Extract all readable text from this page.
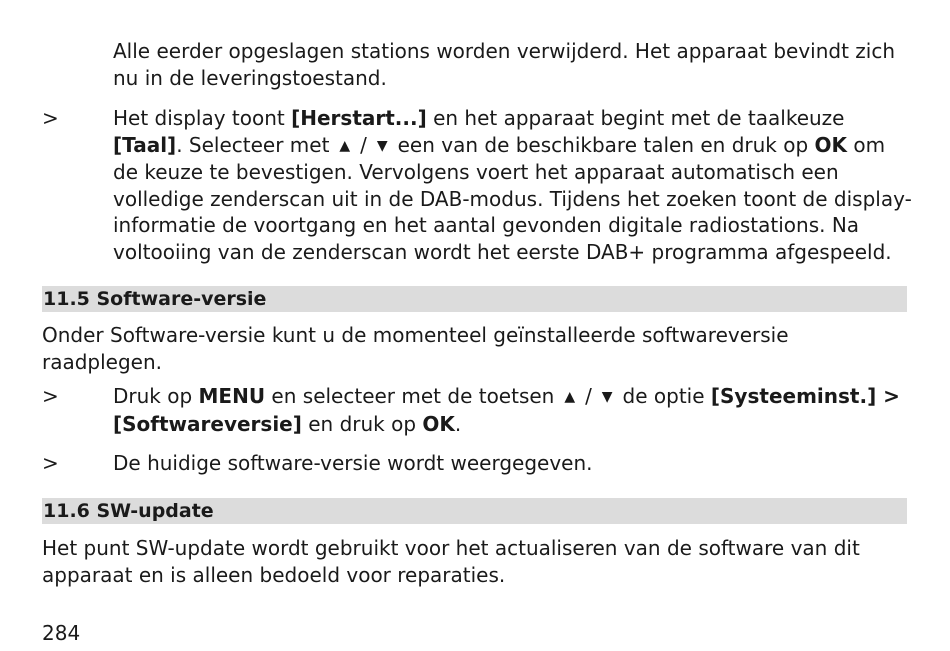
Alle eerder opgeslagen stations worden verwijderd. Het apparaat bevindt zich nu in de leveringstoestand.

>	Het display toont [Herstart...] en het apparaat begint met de taalkeuze [Taal]. Selecteer met ▲ / ▼ een van de beschikbare talen en druk op OK om de keuze te bevestigen. Vervolgens voert het apparaat automatisch een volledige zenderscan uit in de DAB-modus. Tijdens het zoeken toont de display-informatie de voortgang en het aantal gevonden digitale radiostations. Na voltooiing van de zenderscan wordt het eerste DAB+ programma afgespeeld.

11.5 Software-versie

Onder Software-versie kunt u de momenteel geïnstalleerde softwareversie raadplegen.

>	Druk op MENU en selecteer met de toetsen ▲ / ▼ de optie [Systeeminst.] > [Softwareversie] en druk op OK.

>	De huidige software-versie wordt weergegeven.

11.6 SW-update

Het punt SW-update wordt gebruikt voor het actualiseren van de software van dit apparaat en is alleen bedoeld voor reparaties.

284
